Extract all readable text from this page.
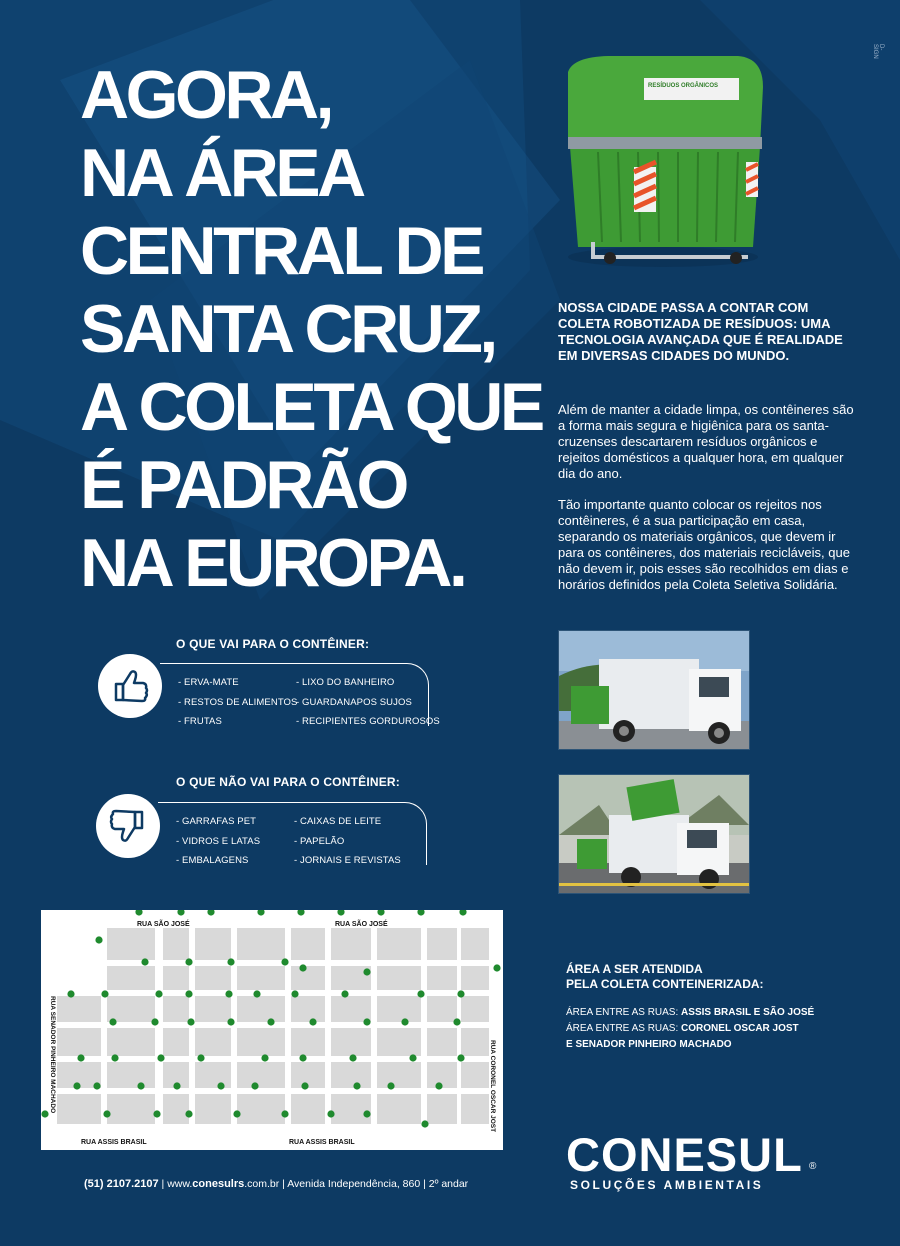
D-SIGN
AGORA,
NA ÁREA
CENTRAL DE
SANTA CRUZ,
A COLETA QUE
É PADRÃO
NA EUROPA.
RESÍDUOS ORGÂNICOS
NOSSA CIDADE PASSA A CONTAR COM COLETA ROBOTIZADA DE RESÍDUOS: UMA TECNOLOGIA AVANÇADA QUE É REALIDADE EM DIVERSAS CIDADES DO MUNDO.
Além de manter a cidade limpa, os contêineres são a forma mais segura e higiênica para os santa-cruzenses descartarem resíduos orgânicos e rejeitos domésticos a qualquer hora, em qualquer dia do ano.
Tão importante quanto colocar os rejeitos nos contêineres, é a sua participação em casa, separando os materiais orgânicos, que devem ir para os contêineres, dos materiais recicláveis, que não devem ir, pois esses são recolhidos em dias e horários definidos pela Coleta Seletiva Solidária.
O QUE VAI PARA O CONTÊINER:
- ERVA-MATE
- RESTOS DE ALIMENTOS
- FRUTAS
- LIXO DO BANHEIRO
- GUARDANAPOS SUJOS
- RECIPIENTES GORDUROSOS
O QUE NÃO VAI PARA O CONTÊINER:
- GARRAFAS PET
- VIDROS E LATAS
- EMBALAGENS
- CAIXAS DE LEITE
- PAPELÃO
- JORNAIS E REVISTAS
RUA SÃO JOSÉ	RUA SÃO JOSÉ
RUA ASSIS BRASIL	RUA ASSIS BRASIL
RUA SENADOR PINHEIRO MACHADO	RUA CORONEL OSCAR JOST
ÁREA A SER ATENDIDA
PELA COLETA CONTEINERIZADA:
ÁREA ENTRE AS RUAS: ASSIS BRASIL E SÃO JOSÉ
ÁREA ENTRE AS RUAS: CORONEL OSCAR JOST
E SENADOR PINHEIRO MACHADO
CONESUL ®
SOLUÇÕES AMBIENTAIS
(51) 2107.2107 | www.conesulrs.com.br | Avenida Independência, 860 | 2º andar
